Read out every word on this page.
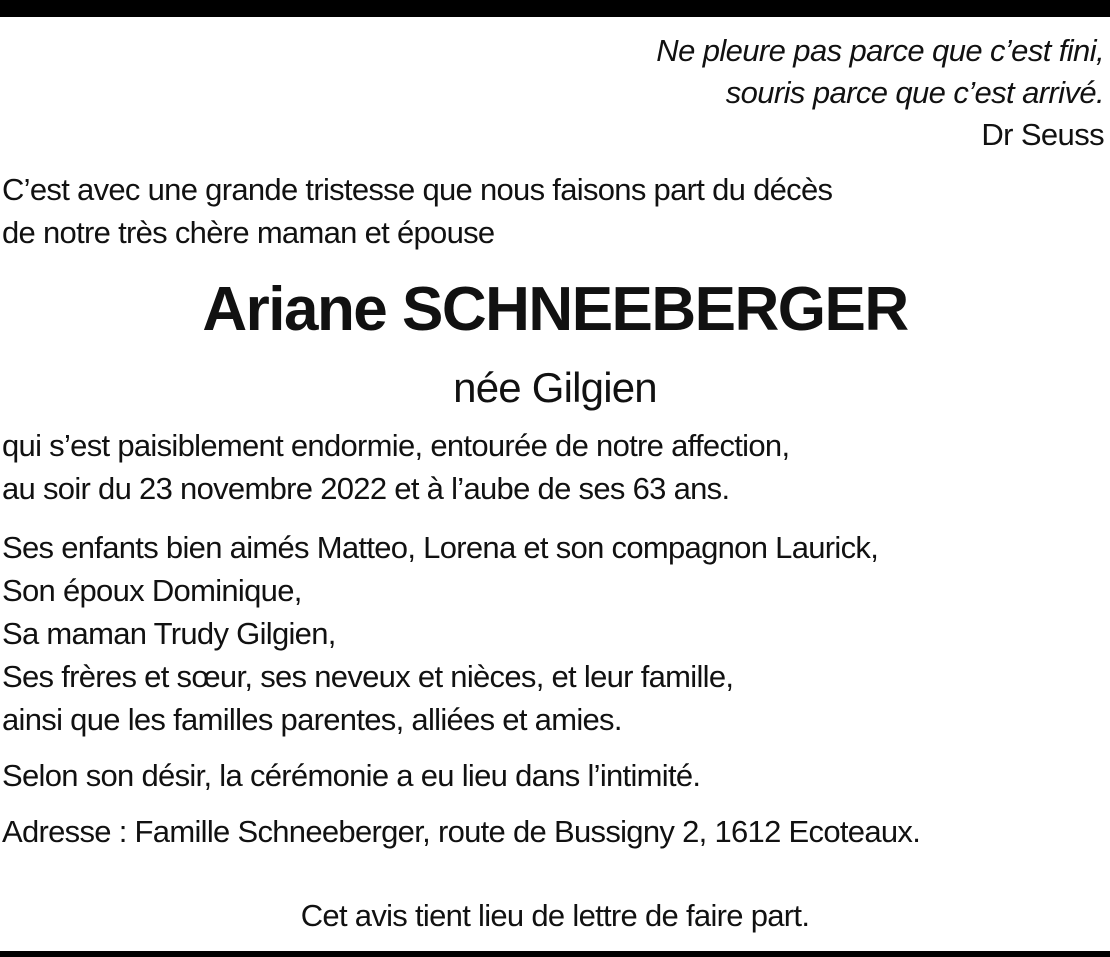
Ne pleure pas parce que c’est fini,
souris parce que c’est arrivé.
Dr Seuss
C’est avec une grande tristesse que nous faisons part du décès
de notre très chère maman et épouse
Ariane SCHNEEBERGER
née Gilgien
qui s’est paisiblement endormie, entourée de notre affection,
au soir du 23 novembre 2022 et à l’aube de ses 63 ans.
Ses enfants bien aimés Matteo, Lorena et son compagnon Laurick,
Son époux Dominique,
Sa maman Trudy Gilgien,
Ses frères et sœur, ses neveux et nièces, et leur famille,
ainsi que les familles parentes, alliées et amies.
Selon son désir, la cérémonie a eu lieu dans l’intimité.
Adresse : Famille Schneeberger, route de Bussigny 2, 1612 Ecoteaux.
Cet avis tient lieu de lettre de faire part.
